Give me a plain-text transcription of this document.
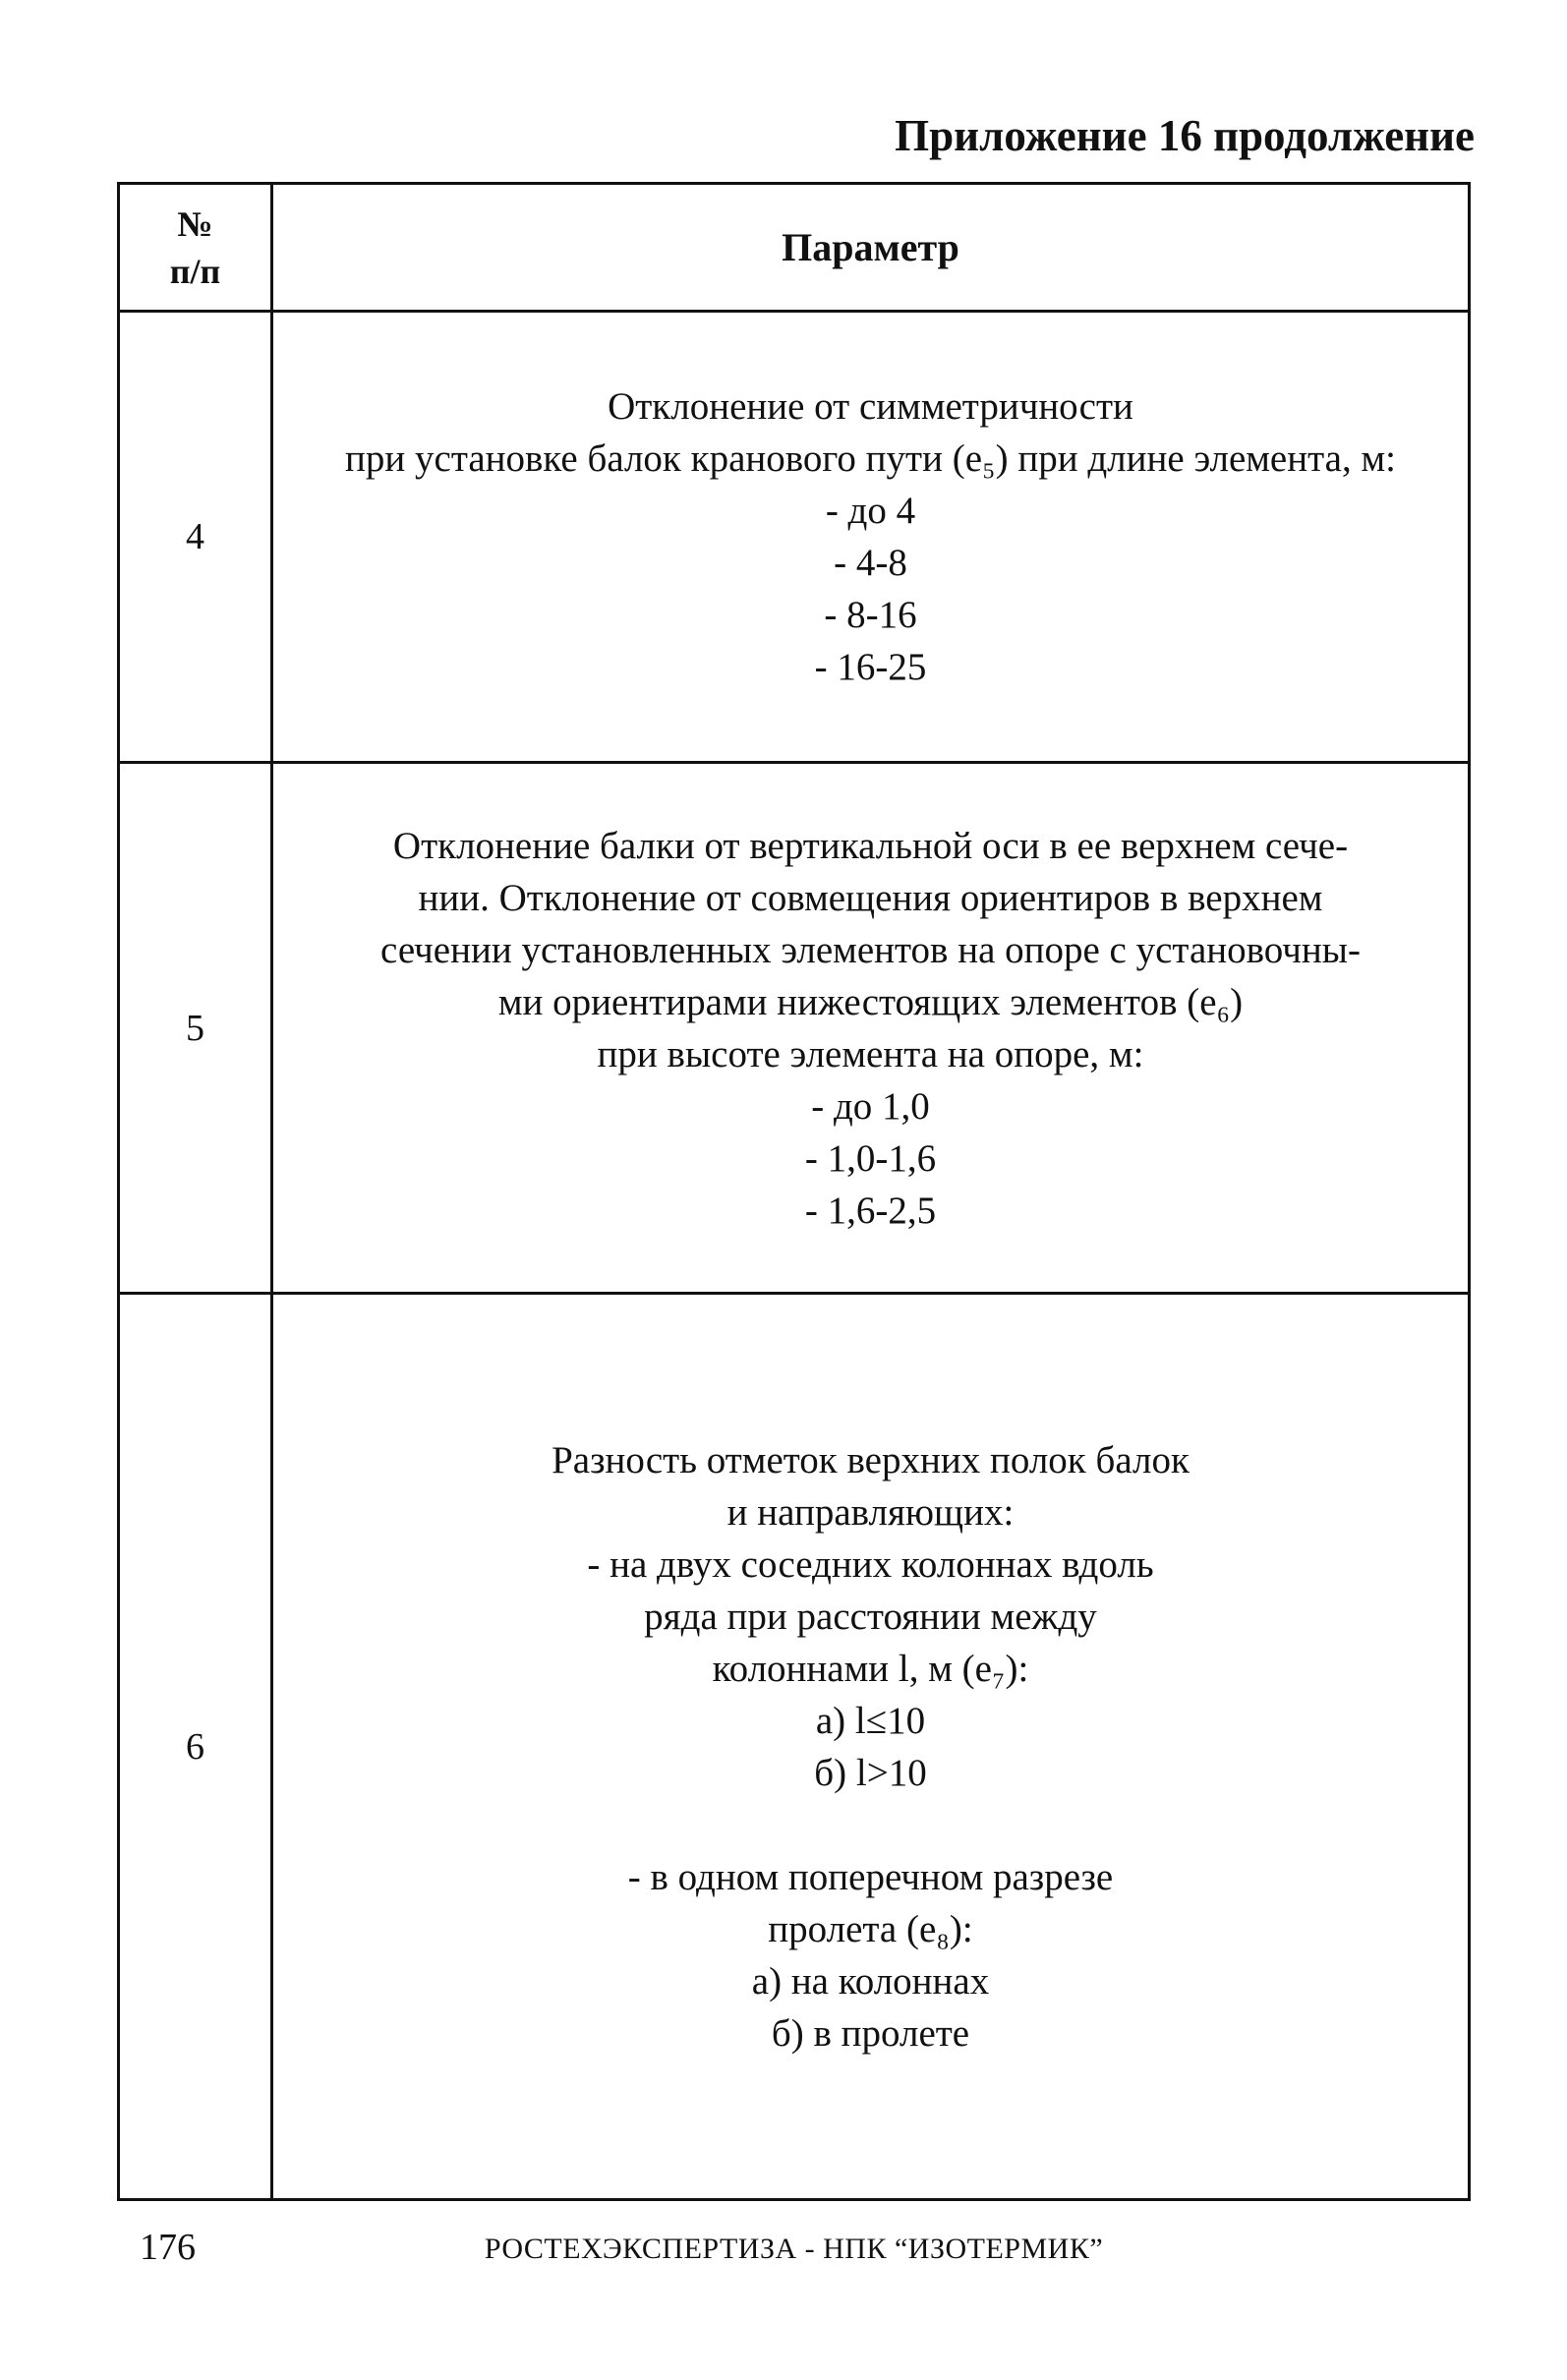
Приложение 16 продолжение
№
п/п
Параметр
4
Отклонение от симметричности
при установке балок кранового пути (e₅) при длине элемента, м:
- до 4
- 4-8
- 8-16
- 16-25
5
Отклонение балки от вертикальной оси в ее верхнем сече-
нии. Отклонение от совмещения ориентиров в верхнем
сечении установленных элементов на опоре с установочны-
ми ориентирами нижестоящих элементов (e₆)
при высоте элемента на опоре, м:
- до 1,0
- 1,0-1,6
- 1,6-2,5
6
Разность отметок верхних полок балок
и направляющих:
- на двух соседних колоннах вдоль
ряда при расстоянии между
колоннами l, м (e₇):
а) l≤10
б) l>10

- в одном поперечном разрезе
пролета (e₈):
а) на колоннах
б) в пролете
176	РОСТЕХЭКСПЕРТИЗА - НПК “ИЗОТЕРМИК”
